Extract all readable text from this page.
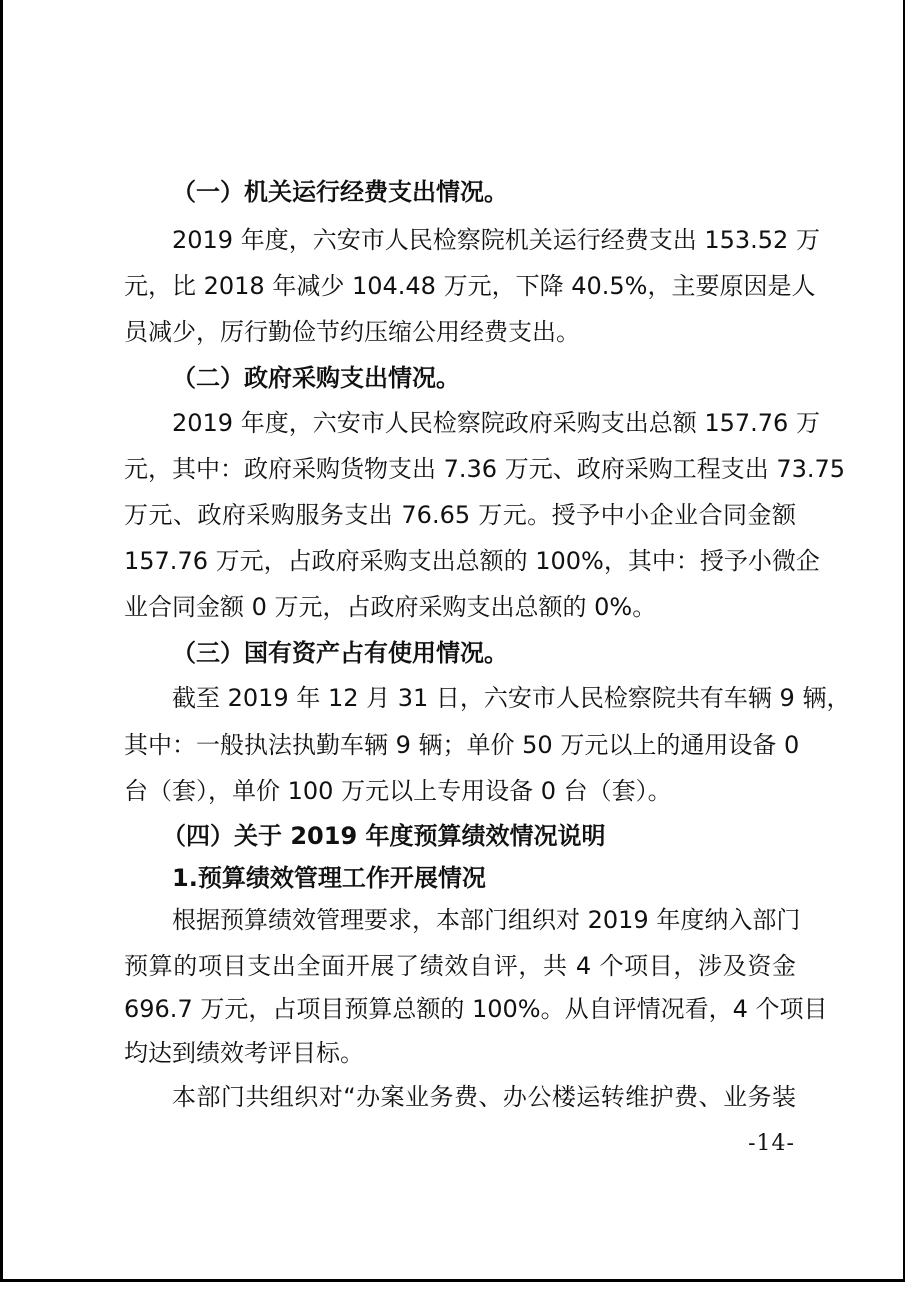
（一）机关运行经费支出情况。
2019 年度，六安市人民检察院机关运行经费支出 153.52 万
元，比 2018 年减少 104.48 万元，下降 40.5%，主要原因是人
员减少，厉行勤俭节约压缩公用经费支出。
（二）政府采购支出情况。
2019 年度，六安市人民检察院政府采购支出总额 157.76 万
元，其中：政府采购货物支出 7.36 万元、政府采购工程支出 73.75
万元、政府采购服务支出 76.65 万元。授予中小企业合同金额
157.76 万元，占政府采购支出总额的 100%，其中：授予小微企
业合同金额 0 万元，占政府采购支出总额的 0%。
（三）国有资产占有使用情况。
截至 2019 年 12 月 31 日，六安市人民检察院共有车辆 9 辆，
其中：一般执法执勤车辆 9 辆；单价 50 万元以上的通用设备 0
台（套），单价 100 万元以上专用设备 0 台（套）。
（四）关于 2019 年度预算绩效情况说明
1.预算绩效管理工作开展情况
根据预算绩效管理要求，本部门组织对 2019 年度纳入部门
预算的项目支出全面开展了绩效自评，共 4 个项目，涉及资金
696.7 万元，占项目预算总额的 100%。从自评情况看，4 个项目
均达到绩效考评目标。
本部门共组织对“办案业务费、办公楼运转维护费、业务装
-14-
